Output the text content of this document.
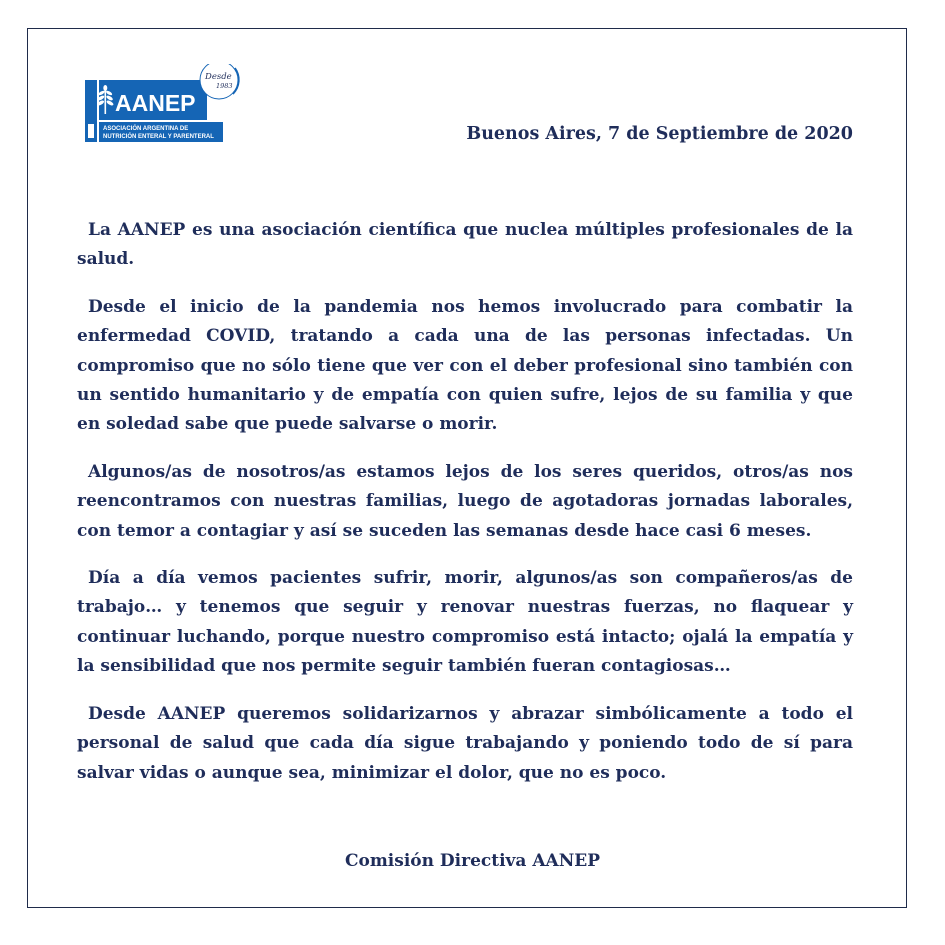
AANEP
Desde
1983
ASOCIACIÓN ARGENTINA DE
NUTRICIÓN ENTERAL Y PARENTERAL	Buenos Aires, 7 de Septiembre de 2020

La AANEP es una asociación científica que nuclea múltiples profesionales de la salud.

Desde el inicio de la pandemia nos hemos involucrado para combatir la enfermedad COVID, tratando a cada una de las personas infectadas. Un compromiso que no sólo tiene que ver con el deber profesional sino también con un sentido humanitario y de empatía con quien sufre, lejos de su familia y que en soledad sabe que puede salvarse o morir.

Algunos/as de nosotros/as estamos lejos de los seres queridos, otros/as nos reencontramos con nuestras familias, luego de agotadoras jornadas laborales, con temor a contagiar y así se suceden las semanas desde hace casi 6 meses.

Día a día vemos pacientes sufrir, morir, algunos/as son compañeros/as de trabajo… y tenemos que seguir y renovar nuestras fuerzas, no flaquear y continuar luchando, porque nuestro compromiso está intacto; ojalá la empatía y la sensibilidad que nos permite seguir también fueran contagiosas…

Desde AANEP queremos solidarizarnos y abrazar simbólicamente a todo el personal de salud que cada día sigue trabajando y poniendo todo de sí para salvar vidas o aunque sea, minimizar el dolor, que no es poco.

Comisión Directiva AANEP
